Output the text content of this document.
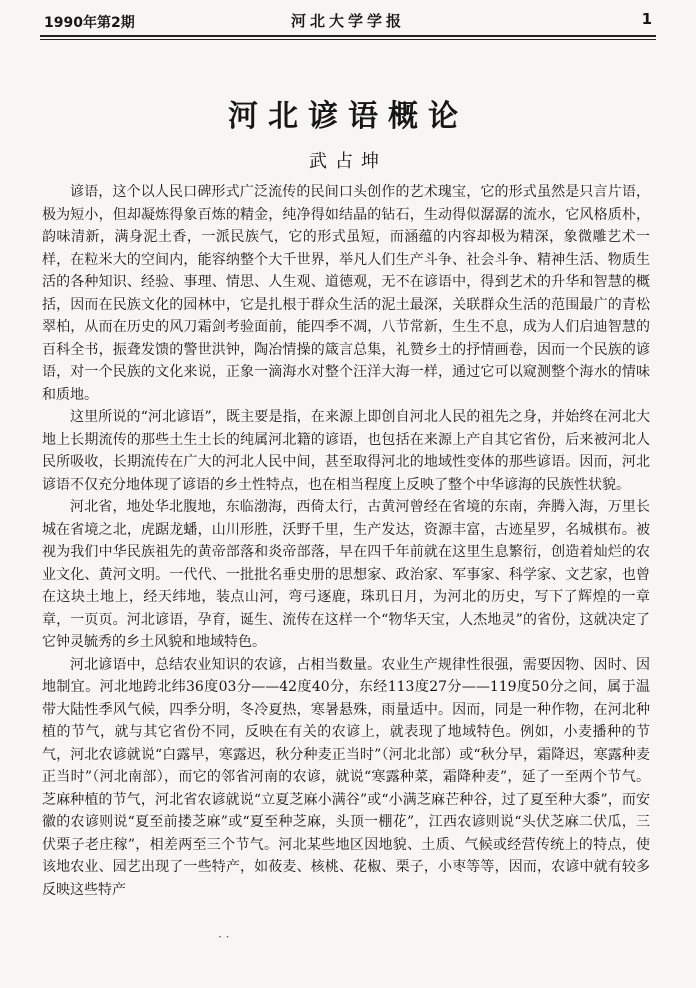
1990年第2期	河北大学学报	1
河北谚语概论
武占坤

谚语，这个以人民口碑形式广泛流传的民间口头创作的艺术瑰宝，它的形式虽然是只言片语，极为短小，但却凝炼得象百炼的精金，纯净得如结晶的钻石，生动得似潺潺的流水，它风格质朴，韵味清新，满身泥土香，一派民族气，它的形式虽短，而涵蕴的内容却极为精深，象微雕艺术一样，在粒米大的空间内，能容纳整个大千世界，举凡人们生产斗争、社会斗争、精神生活、物质生活的各种知识、经验、事理、情思、人生观、道德观，无不在谚语中，得到艺术的升华和智慧的概括，因而在民族文化的园林中，它是扎根于群众生活的泥土最深，关联群众生活的范围最广的青松翠柏，从而在历史的风刀霜剑考验面前，能四季不凋，八节常新，生生不息，成为人们启迪智慧的百科全书，振聋发馈的警世洪钟，陶冶情操的箴言总集，礼赞乡土的抒情画卷，因而一个民族的谚语，对一个民族的文化来说，正象一滴海水对整个汪洋大海一样，通过它可以窥测整个海水的情味和质地。

这里所说的“河北谚语”，既主要是指，在来源上即创自河北人民的祖先之身，并始终在河北大地上长期流传的那些土生土长的纯属河北籍的谚语，也包括在来源上产自其它省份，后来被河北人民所吸收，长期流传在广大的河北人民中间，甚至取得河北的地域性变体的那些谚语。因而，河北谚语不仅充分地体现了谚语的乡土性特点，也在相当程度上反映了整个中华谚海的民族性状貌。

河北省，地处华北腹地，东临渤海，西倚太行，古黄河曾经在省境的东南，奔腾入海，万里长城在省境之北，虎踞龙蟠，山川形胜，沃野千里，生产发达，资源丰富，古迹星罗，名城棋布。被视为我们中华民族祖先的黄帝部落和炎帝部落，早在四千年前就在这里生息繁衍，创造着灿烂的农业文化、黄河文明。一代代、一批批名垂史册的思想家、政治家、军事家、科学家、文艺家，也曾在这块土地上，经天纬地，装点山河，弯弓逐鹿，珠玑日月，为河北的历史，写下了辉煌的一章章，一页页。河北谚语，孕育，诞生、流传在这样一个“物华天宝，人杰地灵”的省份，这就决定了它钟灵毓秀的乡土风貌和地域特色。

河北谚语中，总结农业知识的农谚，占相当数量。农业生产规律性很强，需要因物、因时、因地制宜。河北地跨北纬36度03分——42度40分，东经113度27分——119度50分之间，属于温带大陆性季风气候，四季分明，冬冷夏热，寒暑悬殊，雨量适中。因而，同是一种作物，在河北种植的节气，就与其它省份不同，反映在有关的农谚上，就表现了地域特色。例如，小麦播种的节气，河北农谚就说“白露早，寒露迟，秋分种麦正当时”（河北北部）或“秋分早，霜降迟，寒露种麦正当时”（河北南部），而它的邻省河南的农谚，就说“寒露种菜，霜降种麦”，延了一至两个节气。芝麻种植的节气，河北省农谚就说“立夏芝麻小满谷”或“小满芝麻芒种谷，过了夏至种大黍”，而安徽的农谚则说“夏至前搂芝麻”或“夏至种芝麻，头顶一棚花”，江西农谚则说“头伏芝麻二伏瓜，三伏栗子老庄稼”，相差两至三个节气。河北某些地区因地貌、土质、气候或经营传统上的特点，使该地农业、园艺出现了一些特产，如莜麦、核桃、花椒、栗子，小枣等等，因而，农谚中就有较多反映这些特产

· ·
